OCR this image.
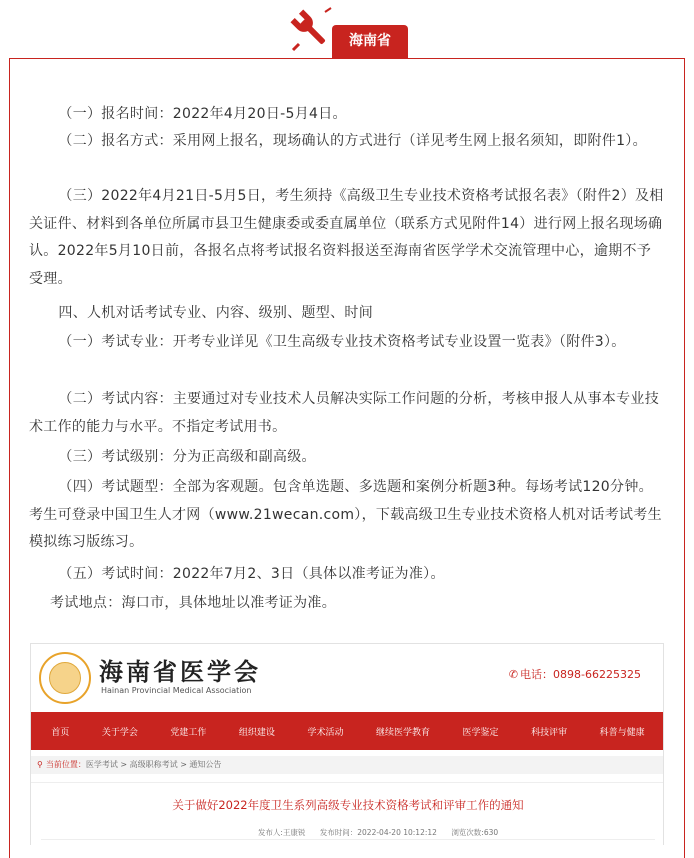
海南省

（一）报名时间：2022年4月20日-5月4日。

（二）报名方式：采用网上报名，现场确认的方式进行（详见考生网上报名须知，即附件1）。

（三）2022年4月21日-5月5日，考生须持《高级卫生专业技术资格考试报名表》（附件2）及相关证件、材料到各单位所属市县卫生健康委或委直属单位（联系方式见附件14）进行网上报名现场确认。2022年5月10日前，各报名点将考试报名资料报送至海南省医学学术交流管理中心，逾期不予受理。

四、人机对话考试专业、内容、级别、题型、时间

（一）考试专业：开考专业详见《卫生高级专业技术资格考试专业设置一览表》（附件3）。

（二）考试内容：主要通过对专业技术人员解决实际工作问题的分析，考核申报人从事本专业技术工作的能力与水平。不指定考试用书。

（三）考试级别：分为正高级和副高级。

（四）考试题型：全部为客观题。包含单选题、多选题和案例分析题3种。每场考试120分钟。考生可登录中国卫生人才网（www.21wecan.com），下载高级卫生专业技术资格人机对话考试考生模拟练习版练习。

（五）考试时间：2022年7月2、3日（具体以准考证为准）。

考试地点：海口市，具体地址以准考证为准。

海南省医学会
Hainan Provincial Medical Association
✆ 电话：0898-66225325
首页	关于学会	党建工作	组织建设	学术活动	继续医学教育	医学鉴定	科技评审	科普与健康
⚲ 当前位置：医学考试 > 高级职称考试 > 通知公告
关于做好2022年度卫生系列高级专业技术资格考试和评审工作的通知
发布人:王康锐 发布时间：2022-04-20 10:12:12 浏览次数:630
